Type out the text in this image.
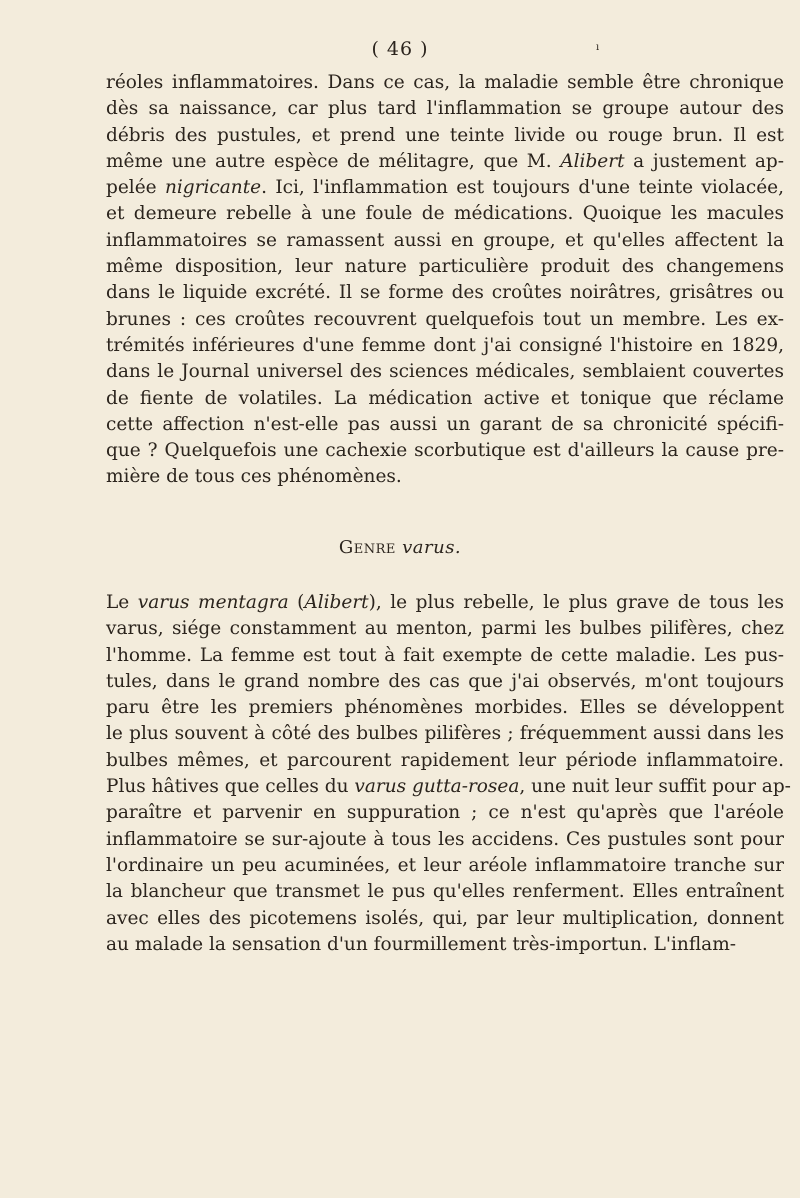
( 46 )	ı
réoles inflammatoires. Dans ce cas, la maladie semble être chronique
dès sa naissance, car plus tard l'inflammation se groupe autour des
débris des pustules, et prend une teinte livide ou rouge brun. Il est
même une autre espèce de mélitagre, que M. Alibert a justement ap-
pelée nigricante. Ici, l'inflammation est toujours d'une teinte violacée,
et demeure rebelle à une foule de médications. Quoique les macules
inflammatoires se ramassent aussi en groupe, et qu'elles affectent la
même disposition, leur nature particulière produit des changemens
dans le liquide excrété. Il se forme des croûtes noirâtres, grisâtres ou
brunes : ces croûtes recouvrent quelquefois tout un membre. Les ex-
trémités inférieures d'une femme dont j'ai consigné l'histoire en 1829,
dans le Journal universel des sciences médicales, semblaient couvertes
de fiente de volatiles. La médication active et tonique que réclame
cette affection n'est-elle pas aussi un garant de sa chronicité spécifi-
que ? Quelquefois une cachexie scorbutique est d'ailleurs la cause pre-
mière de tous ces phénomènes.
Genre varus.
Le varus mentagra (Alibert), le plus rebelle, le plus grave de tous les
varus, siége constamment au menton, parmi les bulbes pilifères, chez
l'homme. La femme est tout à fait exempte de cette maladie. Les pus-
tules, dans le grand nombre des cas que j'ai observés, m'ont toujours
paru être les premiers phénomènes morbides. Elles se développent
le plus souvent à côté des bulbes pilifères ; fréquemment aussi dans les
bulbes mêmes, et parcourent rapidement leur période inflammatoire.
Plus hâtives que celles du varus gutta-rosea, une nuit leur suffit pour ap-
paraître et parvenir en suppuration ; ce n'est qu'après que l'aréole
inflammatoire se sur-ajoute à tous les accidens. Ces pustules sont pour
l'ordinaire un peu acuminées, et leur aréole inflammatoire tranche sur
la blancheur que transmet le pus qu'elles renferment. Elles entraînent
avec elles des picotemens isolés, qui, par leur multiplication, donnent
au malade la sensation d'un fourmillement très-importun. L'inflam-
